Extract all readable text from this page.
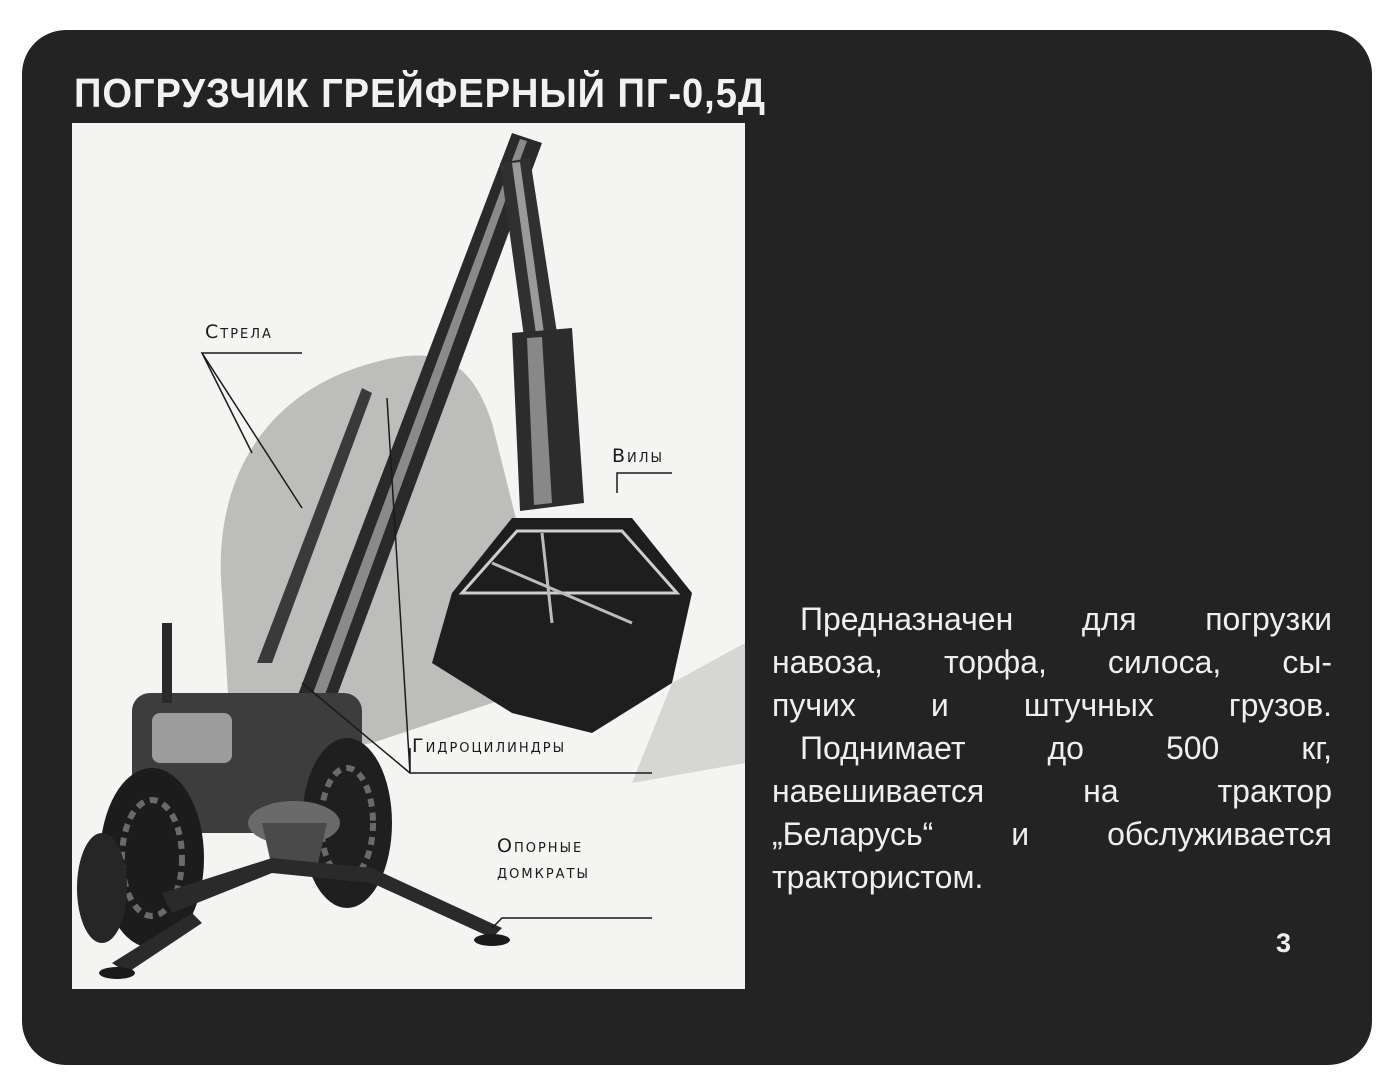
ПОГРУЗЧИК ГРЕЙФЕРНЫЙ ПГ-0,5Д
Стрела
Вилы
Гидроцилиндры
Опорные
домкраты

Предназначен для погрузки

навоза, торфа, силоса, сы-

пучих и штучных грузов.

Поднимает до 500 кг,

навешивается на трактор

„Беларусь“ и обслуживается

трактористом.

3
